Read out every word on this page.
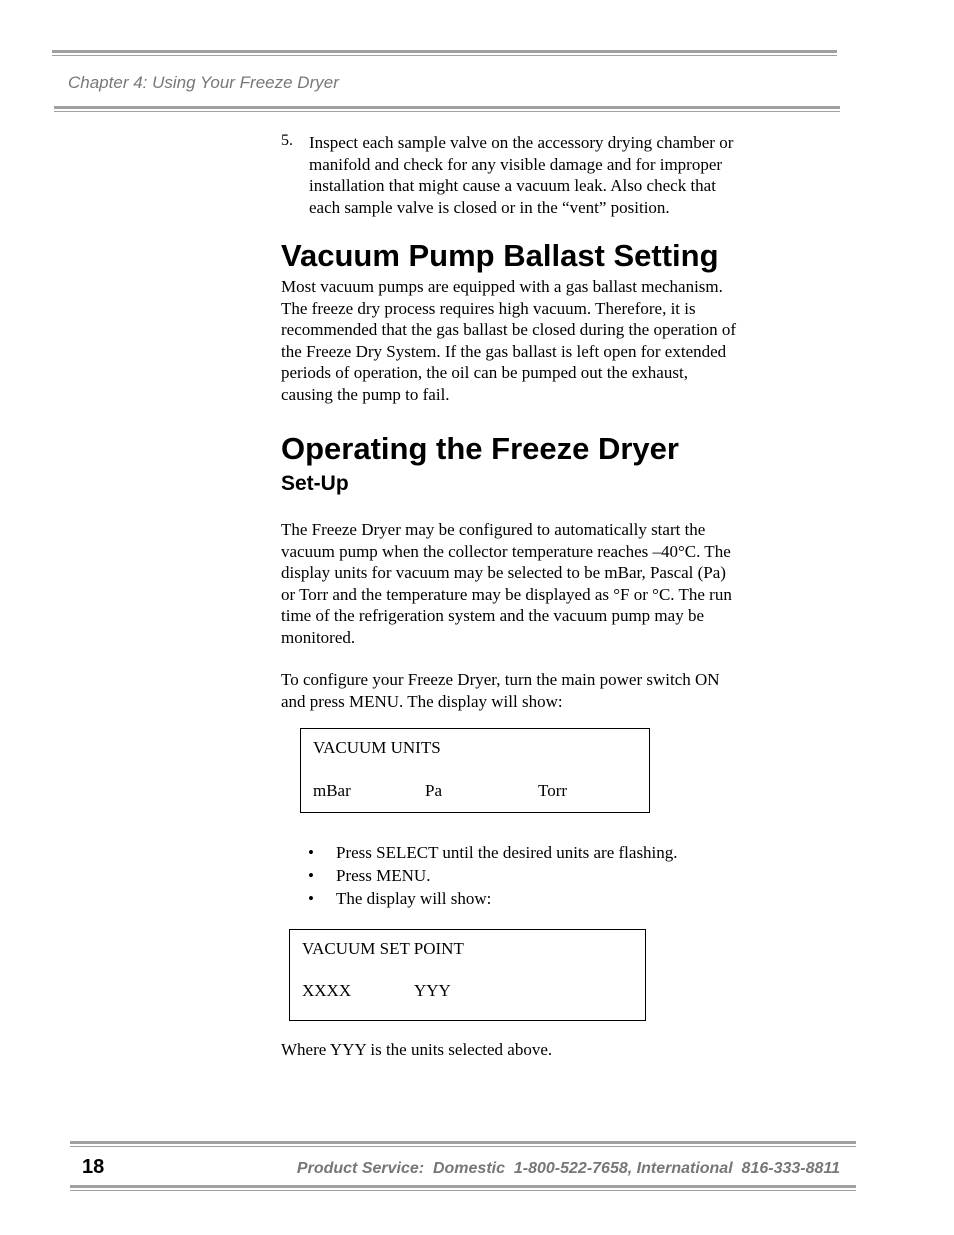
Chapter 4: Using Your Freeze Dryer
5. Inspect each sample valve on the accessory drying chamber or
manifold and check for any visible damage and for improper
installation that might cause a vacuum leak. Also check that
each sample valve is closed or in the “vent” position.

Vacuum Pump Ballast Setting

Most vacuum pumps are equipped with a gas ballast mechanism.
The freeze dry process requires high vacuum. Therefore, it is
recommended that the gas ballast be closed during the operation of
the Freeze Dry System. If the gas ballast is left open for extended
periods of operation, the oil can be pumped out the exhaust,
causing the pump to fail.

Operating the Freeze Dryer
Set-Up

The Freeze Dryer may be configured to automatically start the
vacuum pump when the collector temperature reaches –40°C. The
display units for vacuum may be selected to be mBar, Pascal (Pa)
or Torr and the temperature may be displayed as °F or °C. The run
time of the refrigeration system and the vacuum pump may be
monitored.

To configure your Freeze Dryer, turn the main power switch ON
and press MENU. The display will show:

VACUUM UNITS
mBar	Pa	Torr
• Press SELECT until the desired units are flashing.
• Press MENU.
• The display will show:
VACUUM SET POINT
XXXX	YYY

Where YYY is the units selected above.

18	Product Service:  Domestic  1-800-522-7658, International  816-333-8811
